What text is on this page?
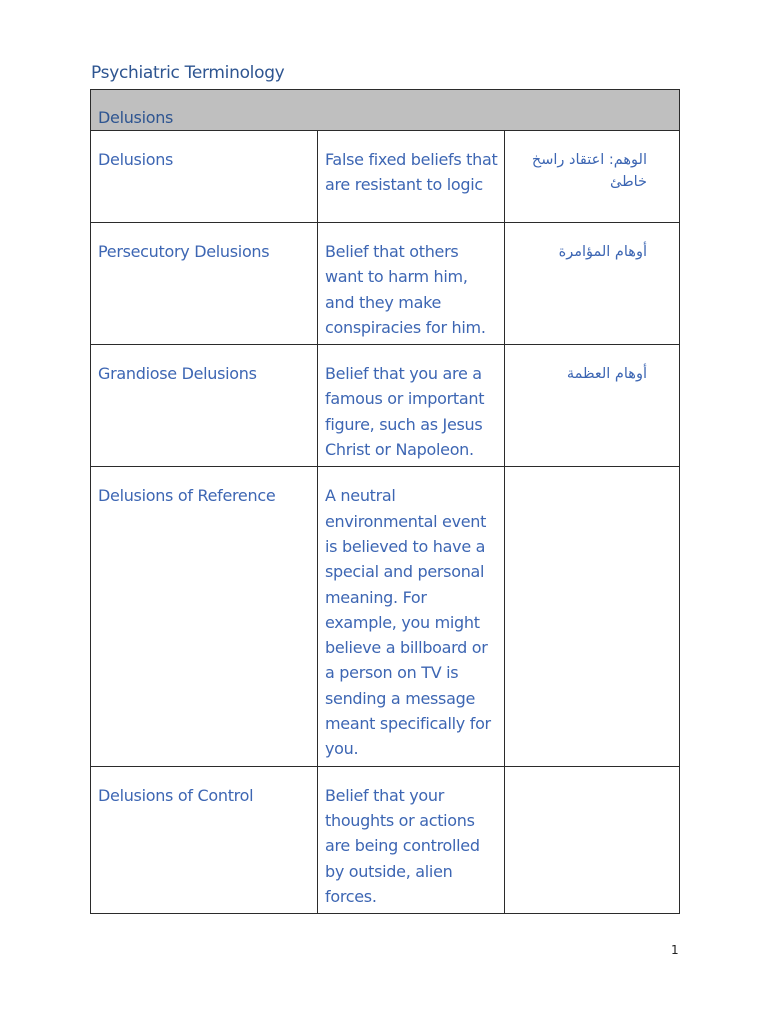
Psychiatric Terminology
Delusions		
Delusions	False fixed beliefs that are resistant to logic	الوهم: اعتقاد راسخ خاطئ
Persecutory Delusions	Belief that others want to harm him, and they make conspiracies for him.	أوهام المؤامرة
Grandiose Delusions	Belief that you are a famous or important figure, such as Jesus Christ or Napoleon.	أوهام العظمة
Delusions of Reference	A neutral environmental event is believed to have a special and personal meaning. For example, you might believe a billboard or a person on TV is sending a message meant specifically for you.	
Delusions of Control	Belief that your thoughts or actions are being controlled by outside, alien forces.	
1
